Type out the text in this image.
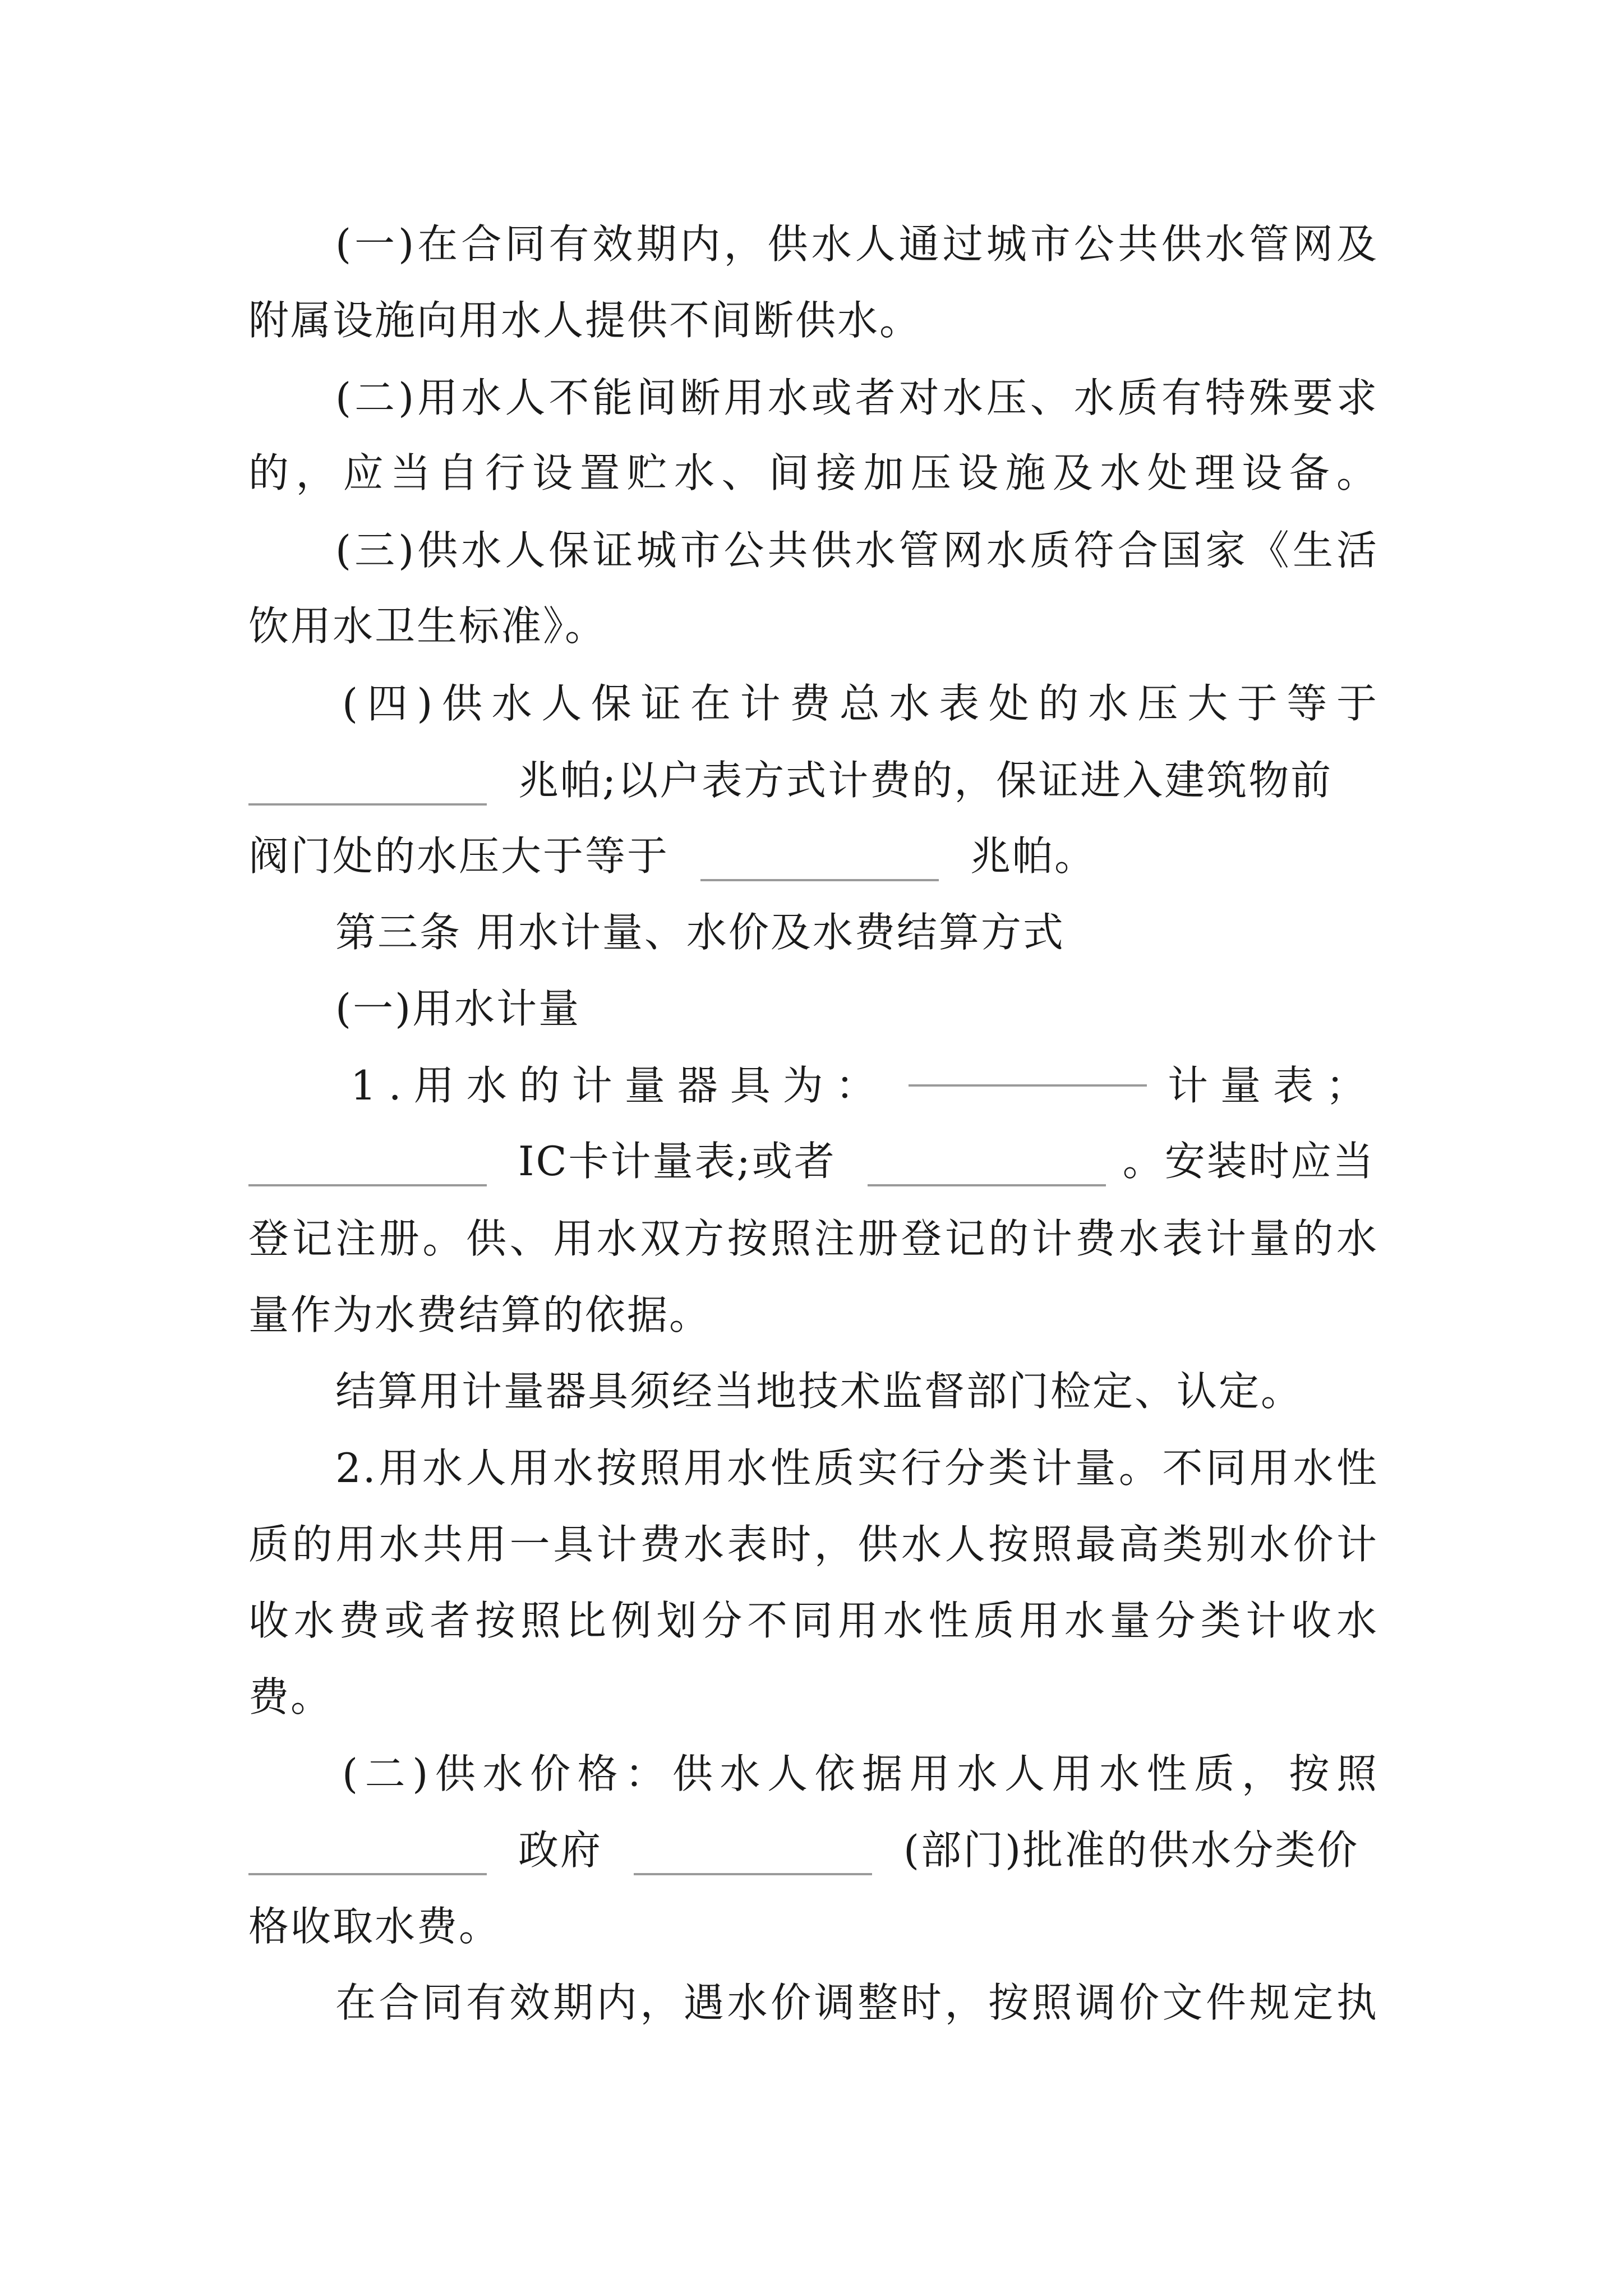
(一)在合同有效期内，供水人通过城市公共供水管网及
附属设施向用水人提供不间断供水。
(二)用水人不能间断用水或者对水压、水质有特殊要求
的，应当自行设置贮水、间接加压设施及水处理设备。
(三)供水人保证城市公共供水管网水质符合国家《生活
饮用水卫生标准》。
(四)供水人保证在计费总水表处的水压大于等于
兆帕;以户表方式计费的，保证进入建筑物前
阀门处的水压大于等于	兆帕。
第三条 用水计量、水价及水费结算方式
(一)用水计量
1.用水的计量器具为：	计量表；
IC卡计量表;或者	。安装时应当
登记注册。供、用水双方按照注册登记的计费水表计量的水
量作为水费结算的依据。
结算用计量器具须经当地技术监督部门检定、认定。
2.用水人用水按照用水性质实行分类计量。不同用水性
质的用水共用一具计费水表时，供水人按照最高类别水价计
收水费或者按照比例划分不同用水性质用水量分类计收水
费。
(二)供水价格：供水人依据用水人用水性质，按照
政府	(部门)批准的供水分类价
格收取水费。
在合同有效期内，遇水价调整时，按照调价文件规定执
